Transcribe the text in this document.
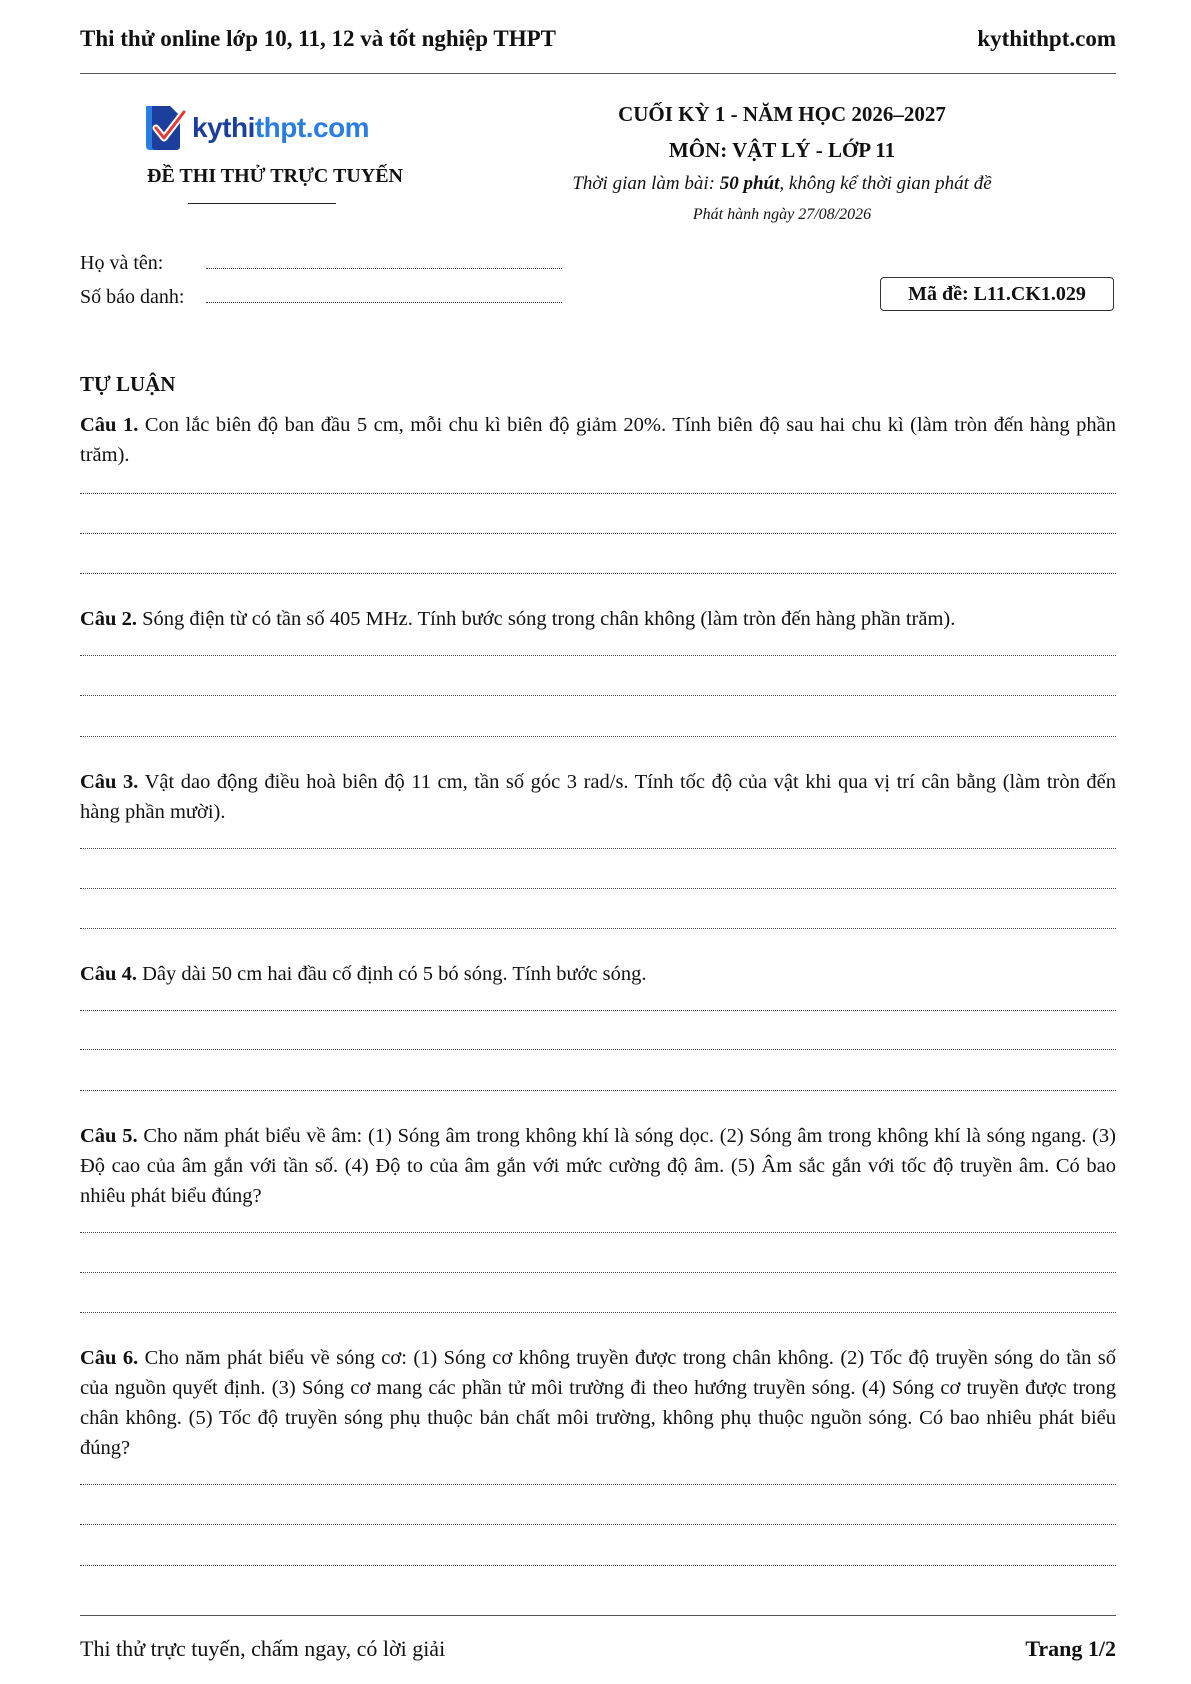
Thi thử online lớp 10, 11, 12 và tốt nghiệp THPT	kythithpt.com
kythithpt.com
ĐỀ THI THỬ TRỰC TUYẾN
CUỐI KỲ 1 - NĂM HỌC 2026–2027
MÔN: VẬT LÝ - LỚP 11
Thời gian làm bài: 50 phút, không kể thời gian phát đề
Phát hành ngày 27/08/2026
Họ và tên:
Số báo danh:	Mã đề: L11.CK1.029
TỰ LUẬN
Câu 1. Con lắc biên độ ban đầu 5 cm, mỗi chu kì biên độ giảm 20%. Tính biên độ sau hai chu kì (làm tròn đến hàng phần trăm).
Câu 2. Sóng điện từ có tần số 405 MHz. Tính bước sóng trong chân không (làm tròn đến hàng phần trăm).
Câu 3. Vật dao động điều hoà biên độ 11 cm, tần số góc 3 rad/s. Tính tốc độ của vật khi qua vị trí cân bằng (làm tròn đến hàng phần mười).
Câu 4. Dây dài 50 cm hai đầu cố định có 5 bó sóng. Tính bước sóng.
Câu 5. Cho năm phát biểu về âm: (1) Sóng âm trong không khí là sóng dọc. (2) Sóng âm trong không khí là sóng ngang. (3) Độ cao của âm gắn với tần số. (4) Độ to của âm gắn với mức cường độ âm. (5) Âm sắc gắn với tốc độ truyền âm. Có bao nhiêu phát biểu đúng?
Câu 6. Cho năm phát biểu về sóng cơ: (1) Sóng cơ không truyền được trong chân không. (2) Tốc độ truyền sóng do tần số của nguồn quyết định. (3) Sóng cơ mang các phần tử môi trường đi theo hướng truyền sóng. (4) Sóng cơ truyền được trong chân không. (5) Tốc độ truyền sóng phụ thuộc bản chất môi trường, không phụ thuộc nguồn sóng. Có bao nhiêu phát biểu đúng?
Thi thử trực tuyến, chấm ngay, có lời giải	Trang 1/2
